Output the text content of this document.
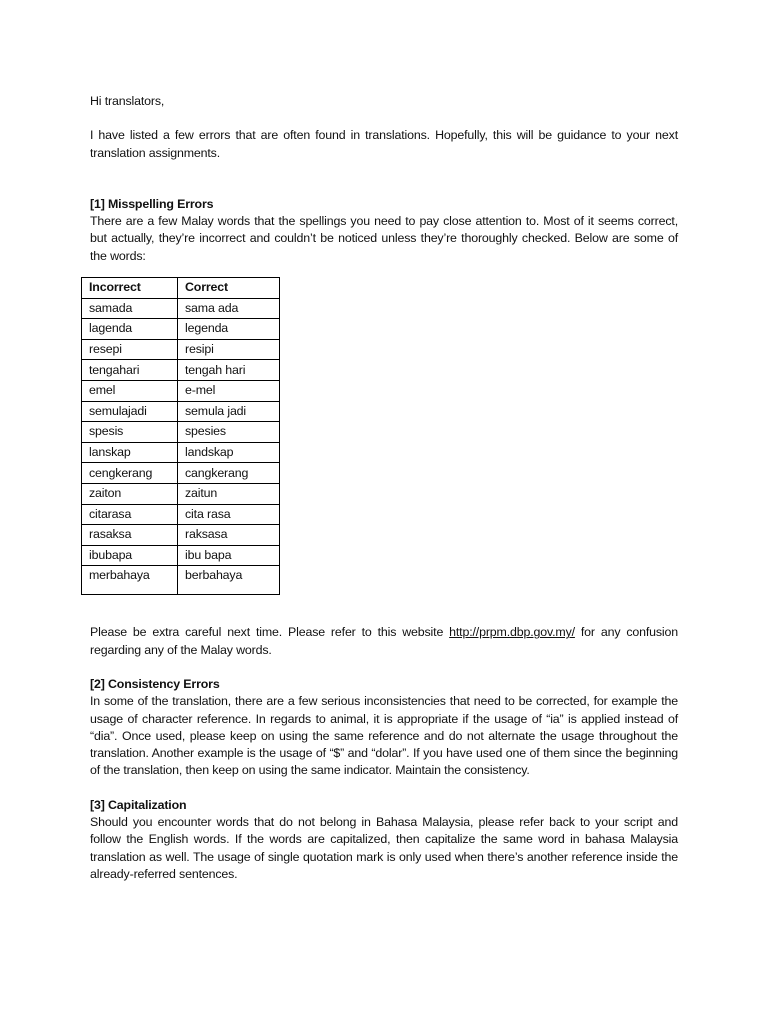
Hi translators,

I have listed a few errors that are often found in translations. Hopefully, this will be guidance to your next translation assignments.

[1] Misspelling Errors

There are a few Malay words that the spellings you need to pay close attention to. Most of it seems correct, but actually, they’re incorrect and couldn’t be noticed unless they’re thoroughly checked. Below are some of the words:

Incorrect	Correct
samada	sama ada
lagenda	legenda
resepi	resipi
tengahari	tengah hari
emel	e-mel
semulajadi	semula jadi
spesis	spesies
lanskap	landskap
cengkerang	cangkerang
zaiton	zaitun
citarasa	cita rasa
rasaksa	raksasa
ibubapa	ibu bapa
merbahaya	berbahaya

Please be extra careful next time. Please refer to this website http://prpm.dbp.gov.my/ for any confusion regarding any of the Malay words.

[2] Consistency Errors

In some of the translation, there are a few serious inconsistencies that need to be corrected, for example the usage of character reference. In regards to animal, it is appropriate if the usage of “ia” is applied instead of “dia”. Once used, please keep on using the same reference and do not alternate the usage throughout the translation. Another example is the usage of “$” and “dolar”. If you have used one of them since the beginning of the translation, then keep on using the same indicator. Maintain the consistency.

[3] Capitalization

Should you encounter words that do not belong in Bahasa Malaysia, please refer back to your script and follow the English words. If the words are capitalized, then capitalize the same word in bahasa Malaysia translation as well. The usage of single quotation mark is only used when there’s another reference inside the already-referred sentences.
